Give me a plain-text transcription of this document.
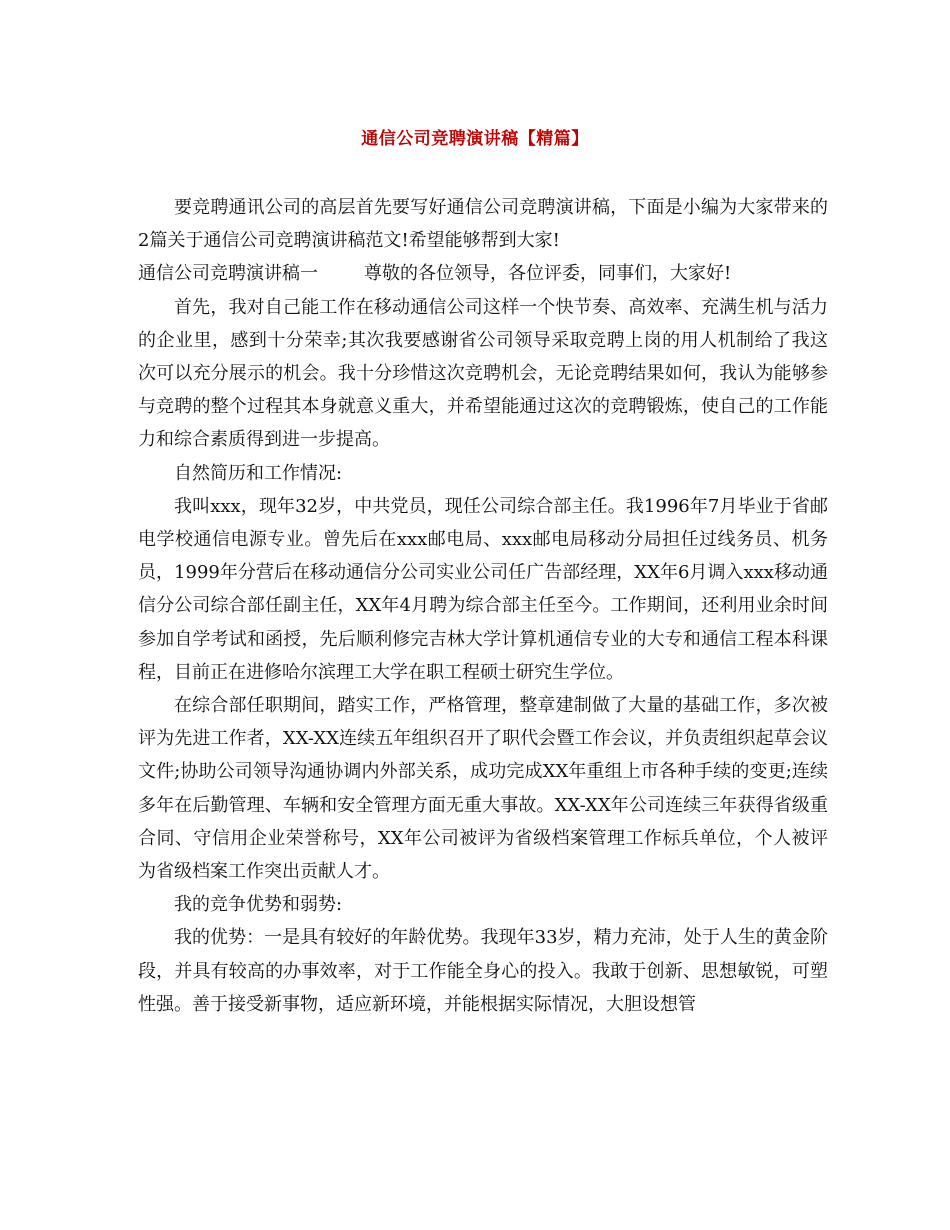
通信公司竞聘演讲稿【精篇】

要竞聘通讯公司的高层首先要写好通信公司竞聘演讲稿，下面是小编为大家带来的2篇关于通信公司竞聘演讲稿范文!希望能够帮到大家!

通信公司竞聘演讲稿一	尊敬的各位领导，各位评委，同事们，大家好!

首先，我对自己能工作在移动通信公司这样一个快节奏、高效率、充满生机与活力的企业里，感到十分荣幸;其次我要感谢省公司领导采取竞聘上岗的用人机制给了我这次可以充分展示的机会。我十分珍惜这次竞聘机会，无论竞聘结果如何，我认为能够参与竞聘的整个过程其本身就意义重大，并希望能通过这次的竞聘锻炼，使自己的工作能力和综合素质得到进一步提高。

自然简历和工作情况:

我叫xxx，现年32岁，中共党员，现任公司综合部主任。我1996年7月毕业于省邮电学校通信电源专业。曾先后在xxx邮电局、xxx邮电局移动分局担任过线务员、机务员，1999年分营后在移动通信分公司实业公司任广告部经理，XX年6月调入xxx移动通信分公司综合部任副主任，XX年4月聘为综合部主任至今。工作期间，还利用业余时间参加自学考试和函授，先后顺利修完吉林大学计算机通信专业的大专和通信工程本科课程，目前正在进修哈尔滨理工大学在职工程硕士研究生学位。

在综合部任职期间，踏实工作，严格管理，整章建制做了大量的基础工作，多次被评为先进工作者，XX-XX连续五年组织召开了职代会暨工作会议，并负责组织起草会议文件;协助公司领导沟通协调内外部关系，成功完成XX年重组上市各种手续的变更;连续多年在后勤管理、车辆和安全管理方面无重大事故。XX-XX年公司连续三年获得省级重合同、守信用企业荣誉称号，XX年公司被评为省级档案管理工作标兵单位，个人被评为省级档案工作突出贡献人才。

我的竞争优势和弱势:

我的优势：一是具有较好的年龄优势。我现年33岁，精力充沛，处于人生的黄金阶段，并具有较高的办事效率，对于工作能全身心的投入。我敢于创新、思想敏锐，可塑性强。善于接受新事物，适应新环境，并能根据实际情况，大胆设想管
